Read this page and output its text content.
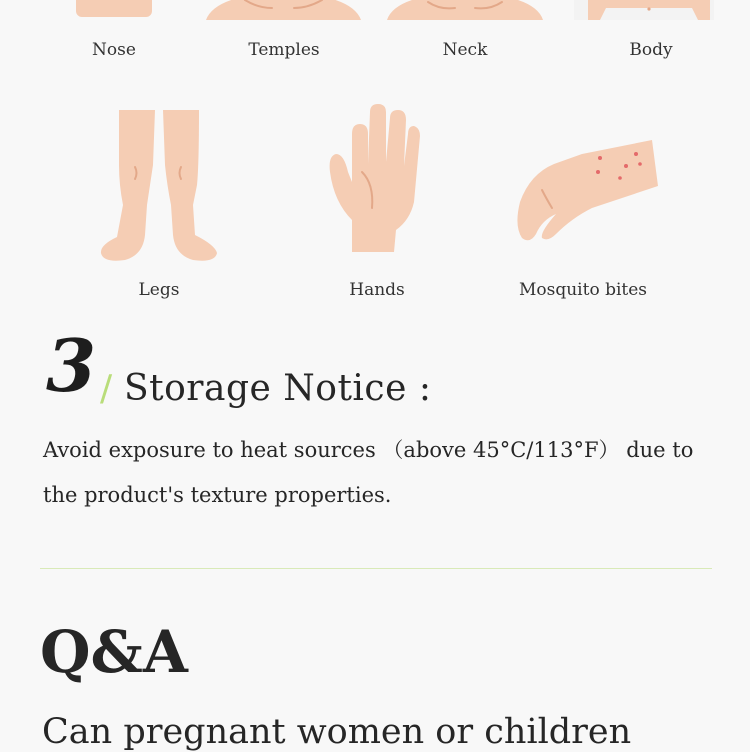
Nose	Temples	Neck	Body
Legs	Hands	Mosquito bites
3 / Storage Notice :
Avoid exposure to heat sources （above 45°C/113°F） due to the product's texture properties.
Q&A
Can pregnant women or children
